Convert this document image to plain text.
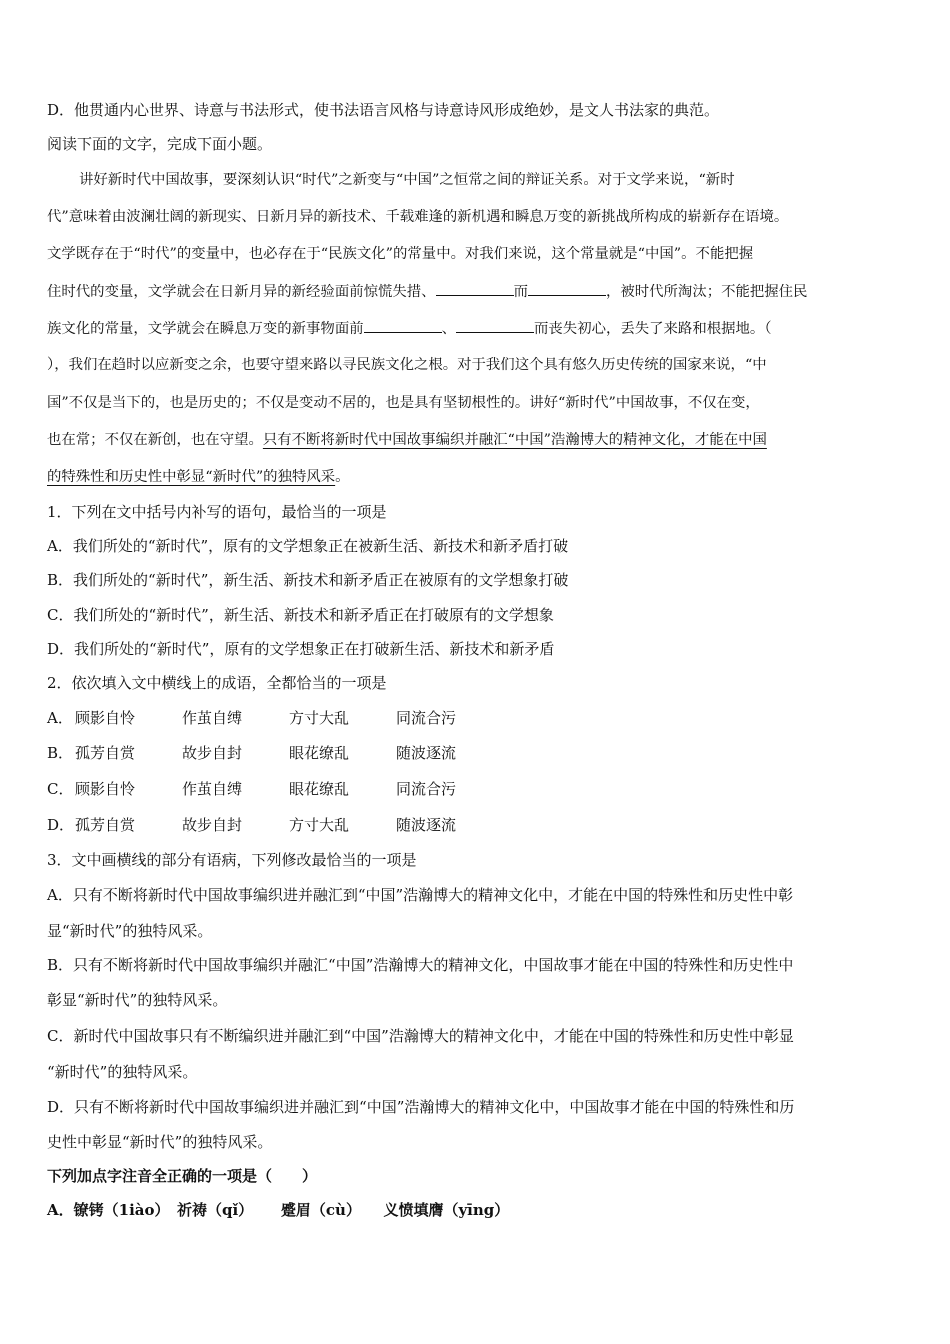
D．他贯通内心世界、诗意与书法形式，使书法语言风格与诗意诗风形成绝妙，是文人书法家的典范。
阅读下面的文字，完成下面小题。
讲好新时代中国故事，要深刻认识“时代”之新变与“中国”之恒常之间的辩证关系。对于文学来说，“新时
代”意味着由波澜壮阔的新现实、日新月异的新技术、千载难逢的新机遇和瞬息万变的新挑战所构成的崭新存在语境。
文学既存在于“时代”的变量中，也必存在于“民族文化”的常量中。对我们来说，这个常量就是“中国”。不能把握
住时代的变量，文学就会在日新月异的新经验面前惊慌失措、	而	，被时代所淘汰；不能把握住民
族文化的常量，文学就会在瞬息万变的新事物面前	、	而丧失初心，丢失了来路和根据地。（
），我们在趋时以应新变之余，也要守望来路以寻民族文化之根。对于我们这个具有悠久历史传统的国家来说，“中
国”不仅是当下的，也是历史的；不仅是变动不居的，也是具有坚韧根性的。讲好“新时代”中国故事，不仅在变，
也在常；不仅在新创，也在守望。只有不断将新时代中国故事编织并融汇“中国”浩瀚博大的精神文化，才能在中国
的特殊性和历史性中彰显“新时代”的独特风采。
1．下列在文中括号内补写的语句，最恰当的一项是
A．我们所处的“新时代”，原有的文学想象正在被新生活、新技术和新矛盾打破
B．我们所处的“新时代”，新生活、新技术和新矛盾正在被原有的文学想象打破
C．我们所处的“新时代”，新生活、新技术和新矛盾正在打破原有的文学想象
D．我们所处的“新时代”，原有的文学想象正在打破新生活、新技术和新矛盾
2．依次填入文中横线上的成语，全都恰当的一项是
A． 顾影自怜	作茧自缚	方寸大乱	同流合污
B． 孤芳自赏	故步自封	眼花缭乱	随波逐流
C． 顾影自怜	作茧自缚	眼花缭乱	同流合污
D． 孤芳自赏	故步自封	方寸大乱	随波逐流
3．文中画横线的部分有语病，下列修改最恰当的一项是
A．只有不断将新时代中国故事编织进并融汇到“中国”浩瀚博大的精神文化中，才能在中国的特殊性和历史性中彰
显“新时代”的独特风采。
B．只有不断将新时代中国故事编织并融汇“中国”浩瀚博大的精神文化，中国故事才能在中国的特殊性和历史性中
彰显“新时代”的独特风采。
C．新时代中国故事只有不断编织进并融汇到“中国”浩瀚博大的精神文化中，才能在中国的特殊性和历史性中彰显
“新时代”的独特风采。
D．只有不断将新时代中国故事编织进并融汇到“中国”浩瀚博大的精神文化中，中国故事才能在中国的特殊性和历
史性中彰显“新时代”的独特风采。
下列加点字注音全正确的一项是（　　）
A．镣铐（1iào）　祈祷（qǐ）　　 蹙眉（cù）　　义愤填膺（yīng）
